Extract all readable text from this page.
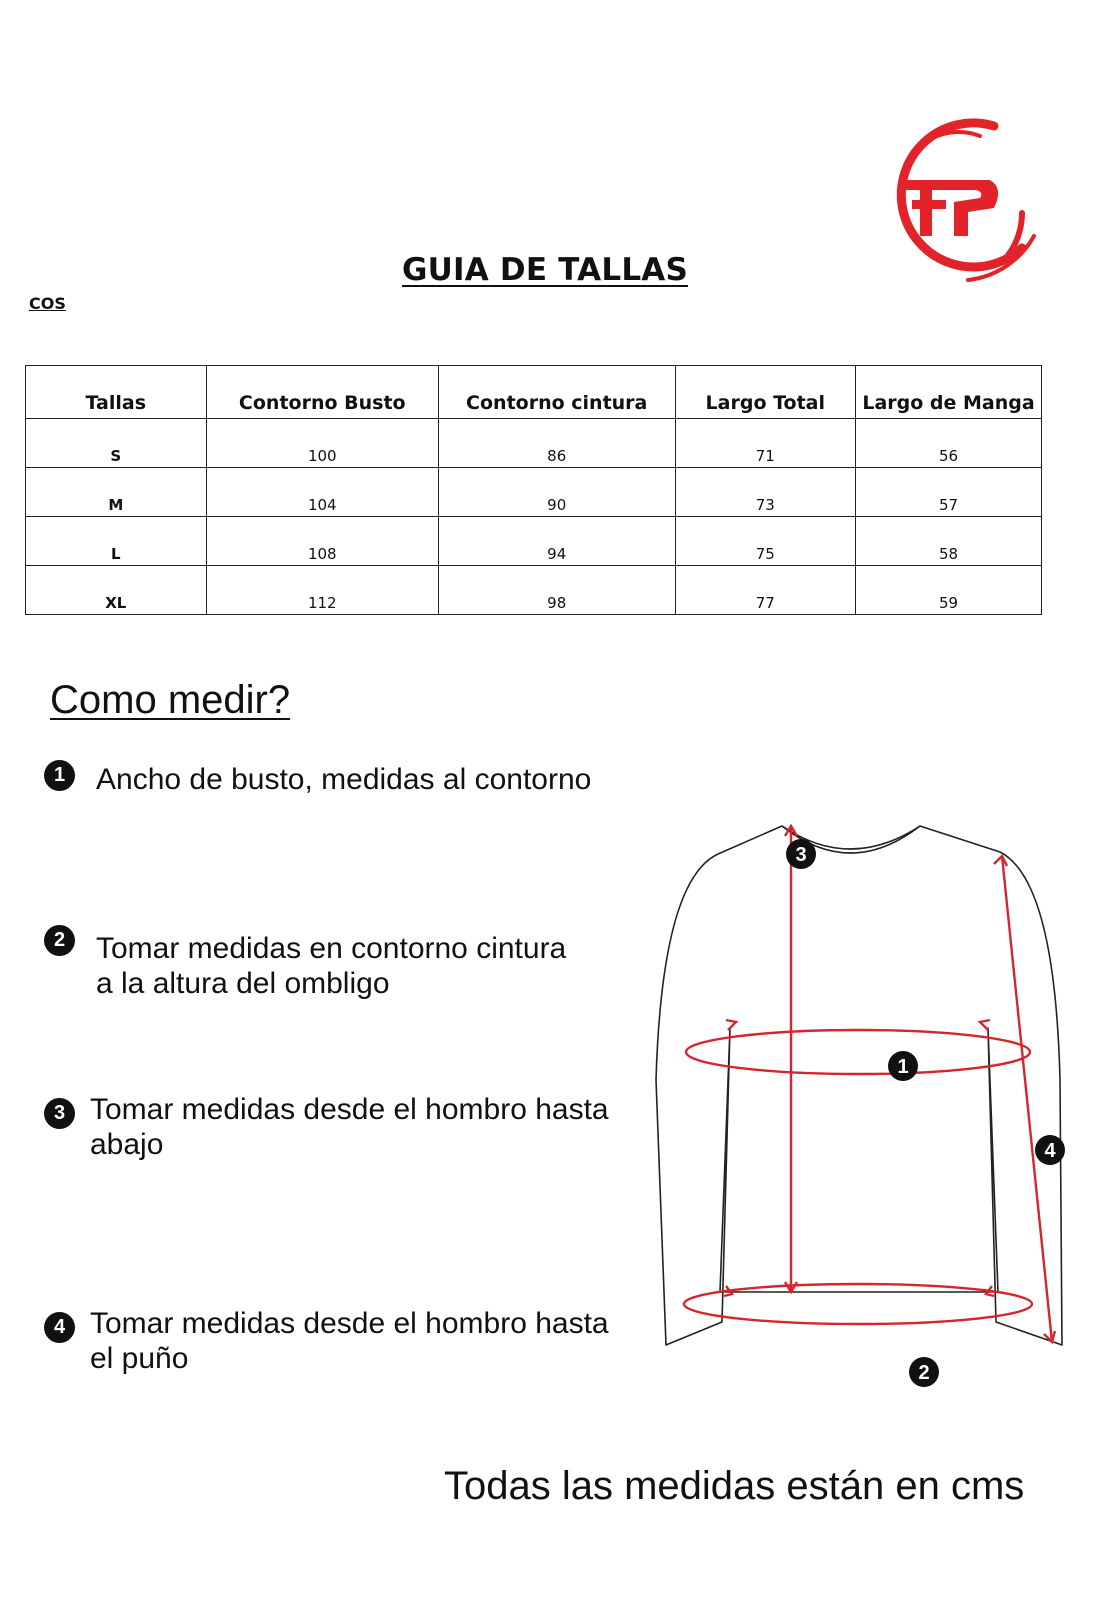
GUIA DE TALLAS
COS
Tallas	Contorno Busto	Contorno cintura	Largo Total	Largo de Manga
S	100	86	71	56
M	104	90	73	57
L	108	94	75	58
XL	112	98	77	59
Como medir?
1	Ancho de busto, medidas al contorno
2	Tomar medidas en contorno cintura
a la altura del ombligo
3 Tomar medidas desde el hombro hasta
abajo
4 Tomar medidas desde el hombro hasta
el puño
3
1
4
2
Todas las medidas están en cms
